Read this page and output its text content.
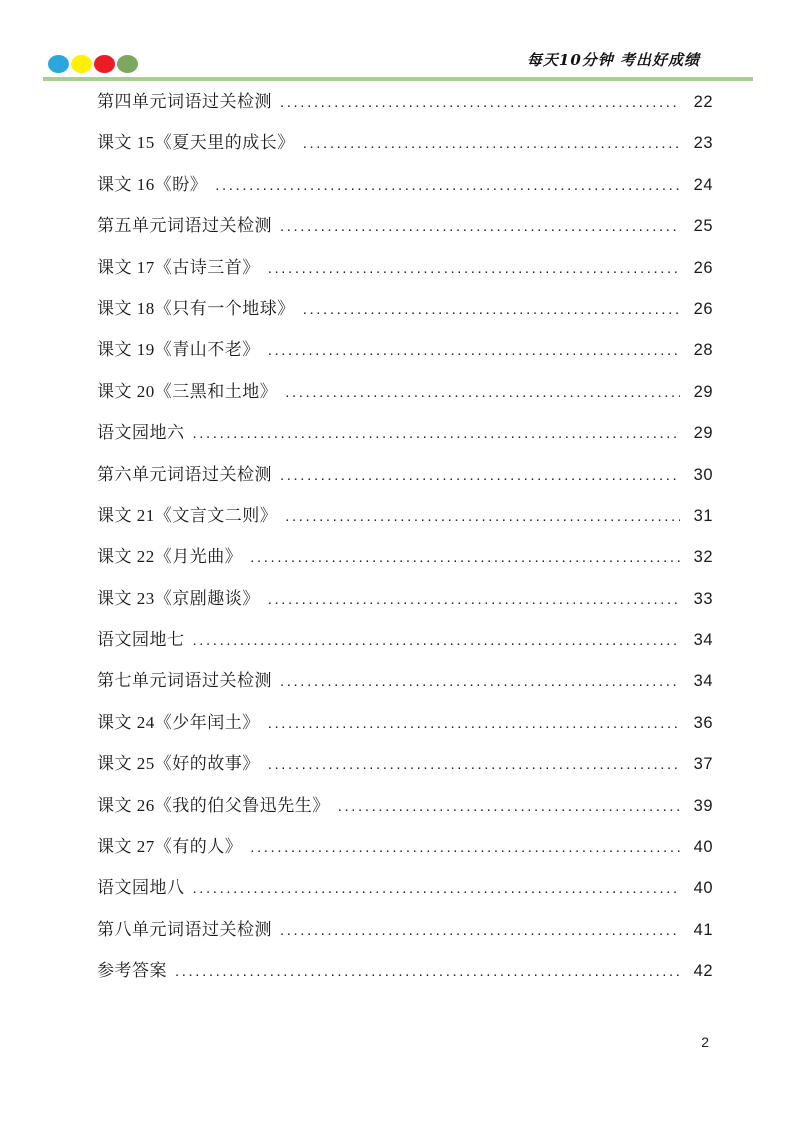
每天10分钟 考出好成绩
第四单元词语过关检测 .....	22
课文 15《夏天里的成长》 .....	23
课文 16《盼》 .....	24
第五单元词语过关检测 .....	25
课文 17《古诗三首》 .....	26
课文 18《只有一个地球》 .....	26
课文 19《青山不老》 .....	28
课文 20《三黑和土地》 .....	29
语文园地六 .....	29
第六单元词语过关检测 .....	30
课文 21《文言文二则》 .....	31
课文 22《月光曲》 .....	32
课文 23《京剧趣谈》 .....	33
语文园地七 .....	34
第七单元词语过关检测 .....	34
课文 24《少年闰土》 .....	36
课文 25《好的故事》 .....	37
课文 26《我的伯父鲁迅先生》 .....	39
课文 27《有的人》 .....	40
语文园地八 .....	40
第八单元词语过关检测 .....	41
参考答案 .....	42
2
